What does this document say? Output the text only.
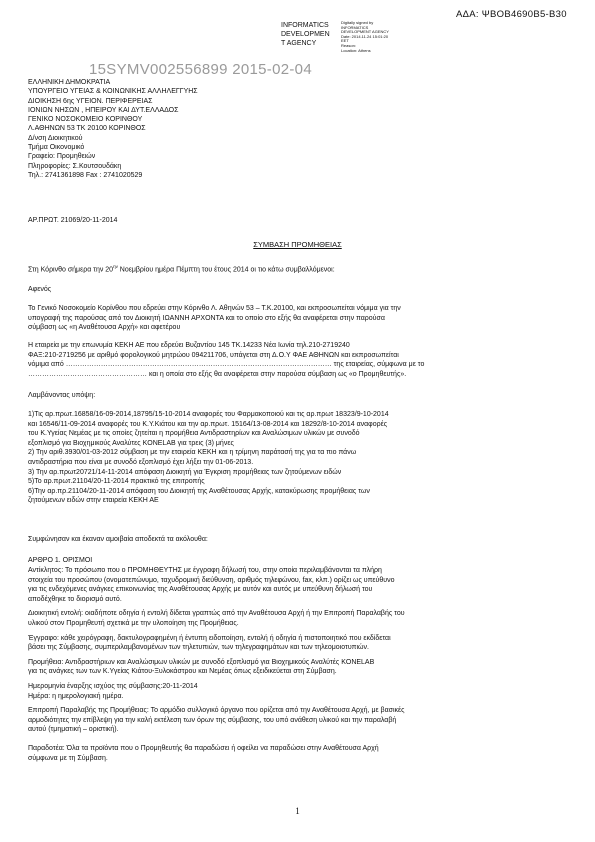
ΑΔΑ: ΨΒΟΒ4690Β5-Β30
INFORMATICS
DEVELOPMEN
T AGENCY
Digitally signed by
INFORMATICS
DEVELOPMENT AGENCY
Date: 2014.11.24 15:01:20
EET
Reason:
Location: Athens
15SYMV002556899 2015-02-04
ΕΛΛΗΝΙΚΗ ΔΗΜΟΚΡΑΤΙΑ
ΥΠΟΥΡΓΕΙΟ ΥΓΕΙΑΣ & ΚΟΙΝΩΝΙΚΗΣ ΑΛΛΗΛΕΓΓΥΗΣ
ΔΙΟΙΚΗΣΗ 6ης ΥΓΕΙΟΝ. ΠΕΡΙΦΕΡΕΙΑΣ
ΙΟΝΙΩΝ ΝΗΣΩΝ , ΗΠΕΙΡΟΥ ΚΑΙ ΔΥΤ.ΕΛΛΑΔΟΣ
ΓΕΝΙΚΟ ΝΟΣΟΚΟΜΕΙΟ ΚΟΡΙΝΘΟΥ
Λ.ΑΘΗΝΩΝ 53 ΤΚ 20100 ΚΟΡΙΝΘΟΣ
Δ/νση Διοικητικού
Τμήμα Οικονομικό
Γραφείο: Προμηθειών
Πληροφορίες: Σ.Κουτσουδάκη
Τηλ.: 2741361898 Fax : 2741020529
ΑΡ.ΠΡΩΤ. 21069/20-11-2014
ΣΥΜΒΑΣΗ ΠΡΟΜΗΘΕΙΑΣ
Στη Κόρινθο σήμερα την $20^{\eta\nu}$ Νοεμβρίου ημέρα Πέμπτη του έτους 2014 οι τιο κάτω συμβαλλόμενοι:
Αφενός
Το Γενικό Νοσοκομείο Κορίνθου που εδρεύει στην Κόρινθο Λ. Αθηνών 53 – Τ.Κ.20100, και εκπροσωπείται νόμιμα για την
υπογραφή της παρούσας από τον Διοικητή ΙΩΑΝΝΗ ΑΡΧΟΝΤΑ και το οποίο στο εξής θα αναφέρεται στην παρούσα
σύμβαση ως «η Αναθέτουσα Αρχή» και αφετέρου
Η εταιρεία με την επωνυμία ΚΕΚΗ ΑΕ που εδρεύει Βυζαντίου 145 ΤΚ.14233 Νέα Ιωνία τηλ.210-2719240
ΦΑΞ:210-2719256 με αριθμό φορολογικού μητρώου 094211706, υπάγεται στη Δ.Ο.Υ ΦΑΕ ΑΘΗΝΩΝ και εκπροσωπείται
νόμιμα από …………………………………………………………………………………………………… της εταιρείας, σύμφωνα με το
…………………………………………… και η οποία στο εξής θα αναφέρεται στην παρούσα σύμβαση ως «ο Προμηθευτής».
Λαμβάνοντας υπόψη:
1)Τις αρ.πρωτ.16858/16-09-2014,18795/15-10-2014 αναφορές του Φαρμακοποιού και τις αρ.πρωτ 18323/9-10-2014
και 16546/11-09-2014 αναφορές του Κ.Υ.Κιάτου και την αρ.πρωτ. 15164/13-08-2014 και 18292/8-10-2014 αναφορές
του Κ.Υγείας Νεμέας με τις οποίες ζητείται η προμήθεια Αντιδραστηρίων και Αναλώσιμων υλικών με συνοδό
εξοπλισμό για Βιοχημικούς Αναλύτες KONELAB για τρεις (3) μήνες
2) Την αριθ.3930/01-03-2012 σύμβαση με την εταιρεία ΚΕΚΗ και η τρίμηνη παράτασή της για τα πιο πάνω
αντιδραστήρια που είναι με συνοδό εξοπλισμό έχει λήξει την 01-06-2013.
3) Την αρ.πρωτ20721/14-11-2014 απόφαση Διοικητή για Έγκριση προμήθειας των ζητούμενων ειδών
5)Το αρ.πρωτ.21104/20-11-2014 πρακτικό της επιτροπής
6)Την αρ.πρ.21104/20-11-2014 απόφαση του Διοικητή της Αναθέτουσας Αρχής, κατακύρωσης προμήθειας των
ζητούμενων ειδών στην εταιρεία ΚΕΚΗ ΑΕ
Συμφώνησαν και έκαναν αμοιβαία αποδεκτά τα ακόλουθα:
ΑΡΘΡΟ 1. ΟΡΙΣΜΟΙ
Αντίκλητος: Το πρόσωπο που ο ΠΡΟΜΗΘΕΥΤΗΣ με έγγραφη δήλωσή του, στην οποία περιλαμβάνονται τα πλήρη
στοιχεία του προσώπου (ονοματεπώνυμο, ταχυδρομική διεύθυνση, αριθμός τηλεφώνου, fax, κλπ.) ορίζει ως υπεύθυνο
για τις ενδεχόμενες ανάγκες επικοινωνίας της Αναθέτουσας Αρχής με αυτόν και αυτός με υπεύθυνη δήλωσή του
αποδέχθηκε το διορισμό αυτό.
Διοικητική εντολή: οιαδήποτε οδηγία ή εντολή δίδεται γραπτώς από την Αναθέτουσα Αρχή ή την Επιτροπή Παραλαβής του
υλικού στον Προμηθευτή σχετικά με την υλοποίηση της Προμήθειας.
Έγγραφο: κάθε χειρόγραφη, δακτυλογραφημένη ή έντυπη ειδοποίηση, εντολή ή οδηγία ή πιστοποιητικό που εκδίδεται
βάσει της Σύμβασης, συμπεριλαμβανομένων των τηλετυπιών, των τηλεγραφημάτων και των τηλεομοιοτυπιών.
Προμήθεια: Αντιδραστήριων και Αναλώσιμων υλικών με συνοδό εξοπλισμό για Βιοχημικούς Αναλύτές KONELAB
για τις ανάγκες των των Κ.Υγείας Κιάτου-Ξυλοκάστρου και Νεμέας όπως εξειδικεύεται στη Σύμβαση.
Ημερομηνία έναρξης ισχύος της σύμβασης:20-11-2014
Ημέρα: η ημερολογιακή ημέρα.
Επιτροπή Παραλαβής της Προμήθειας: Το αρμόδιο συλλογικό όργανο που ορίζεται από την Αναθέτουσα Αρχή, με βασικές
αρμοδιότητες την επίβλεψη για την καλή εκτέλεση των όρων της σύμβασης, του υπό ανάθεση υλικού και την παραλαβή
αυτού (τμηματική – οριστική).
Παραδοτέα: Όλα τα προϊόντα που ο Προμηθευτής θα παραδώσει ή οφείλει να παραδώσει στην Αναθέτουσα Αρχή
σύμφωνα με τη Σύμβαση.
1
